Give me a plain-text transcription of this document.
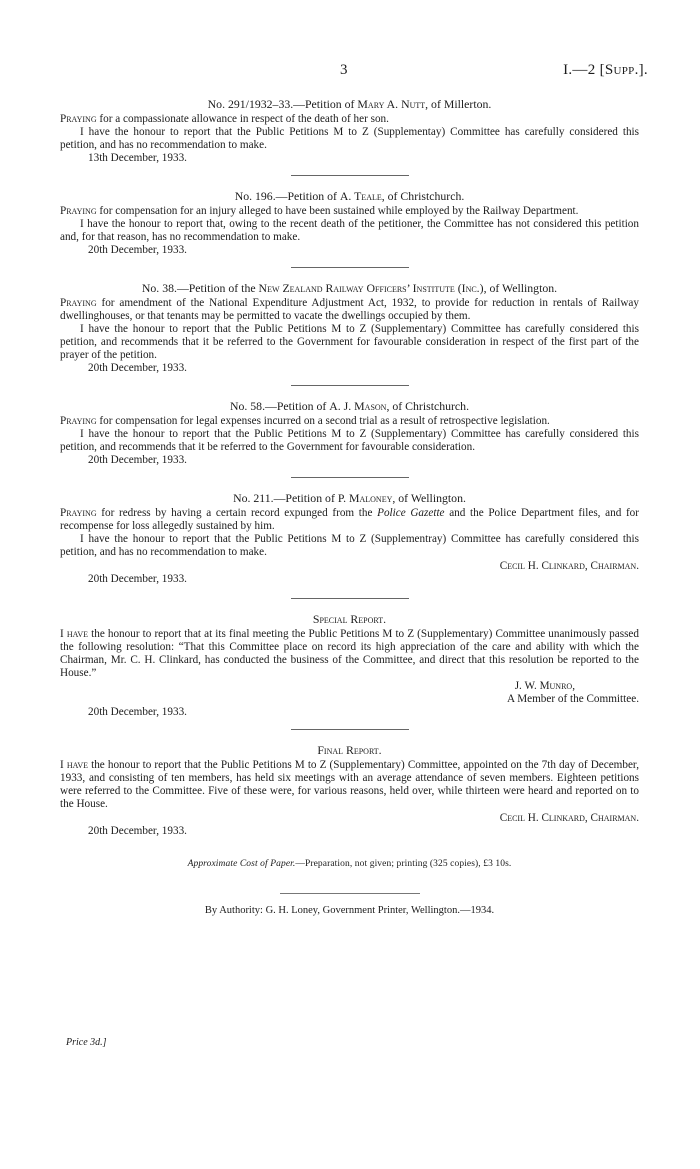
3	I.—2 [Supp.].

No. 291/1932–33.—Petition of Mary A. Nutt, of Millerton.

Praying for a compassionate allowance in respect of the death of her son.

I have the honour to report that the Public Petitions M to Z (Supplementay) Committee has carefully considered this petition, and has no recommendation to make.

13th December, 1933.

No. 196.—Petition of A. Teale, of Christchurch.

Praying for compensation for an injury alleged to have been sustained while employed by the Railway Department.

I have the honour to report that, owing to the recent death of the petitioner, the Committee has not considered this petition and, for that reason, has no recommendation to make.

20th December, 1933.

No. 38.—Petition of the New Zealand Railway Officers’ Institute (Inc.), of Wellington.

Praying for amendment of the National Expenditure Adjustment Act, 1932, to provide for reduction in rentals of Railway dwellinghouses, or that tenants may be permitted to vacate the dwellings occupied by them.

I have the honour to report that the Public Petitions M to Z (Supplementary) Committee has carefully considered this petition, and recommends that it be referred to the Government for favourable consideration in respect of the first part of the prayer of the petition.

20th December, 1933.

No. 58.—Petition of A. J. Mason, of Christchurch.

Praying for compensation for legal expenses incurred on a second trial as a result of retrospective legislation.

I have the honour to report that the Public Petitions M to Z (Supplementary) Committee has carefully considered this petition, and recommends that it be referred to the Government for favourable consideration.

20th December, 1933.

No. 211.—Petition of P. Maloney, of Wellington.

Praying for redress by having a certain record expunged from the Police Gazette and the Police Department files, and for recompense for loss allegedly sustained by him.

I have the honour to report that the Public Petitions M to Z (Supplementray) Committee has carefully considered this petition, and has no recommendation to make.

Cecil H. Clinkard, Chairman.
20th December, 1933.

Special Report.

I have the honour to report that at its final meeting the Public Petitions M to Z (Supplementary) Committee unanimously passed the following resolution: “That this Committee place on record its high appreciation of the care and ability with which the Chairman, Mr. C. H. Clinkard, has conducted the business of the Committee, and direct that this resolution be reported to the House.”

J. W. Munro,

A Member of the Committee.

20th December, 1933.

Final Report.

I have the honour to report that the Public Petitions M to Z (Supplementary) Committee, appointed on the 7th day of December, 1933, and consisting of ten members, has held six meetings with an average attendance of seven members. Eighteen petitions were referred to the Committee. Five of these were, for various reasons, held over, while thirteen were heard and reported on to the House.

Cecil H. Clinkard, Chairman.
20th December, 1933.

Approximate Cost of Paper.—Preparation, not given; printing (325 copies), £3 10s.

By Authority: G. H. Loney, Government Printer, Wellington.—1934.

Price 3d.]
